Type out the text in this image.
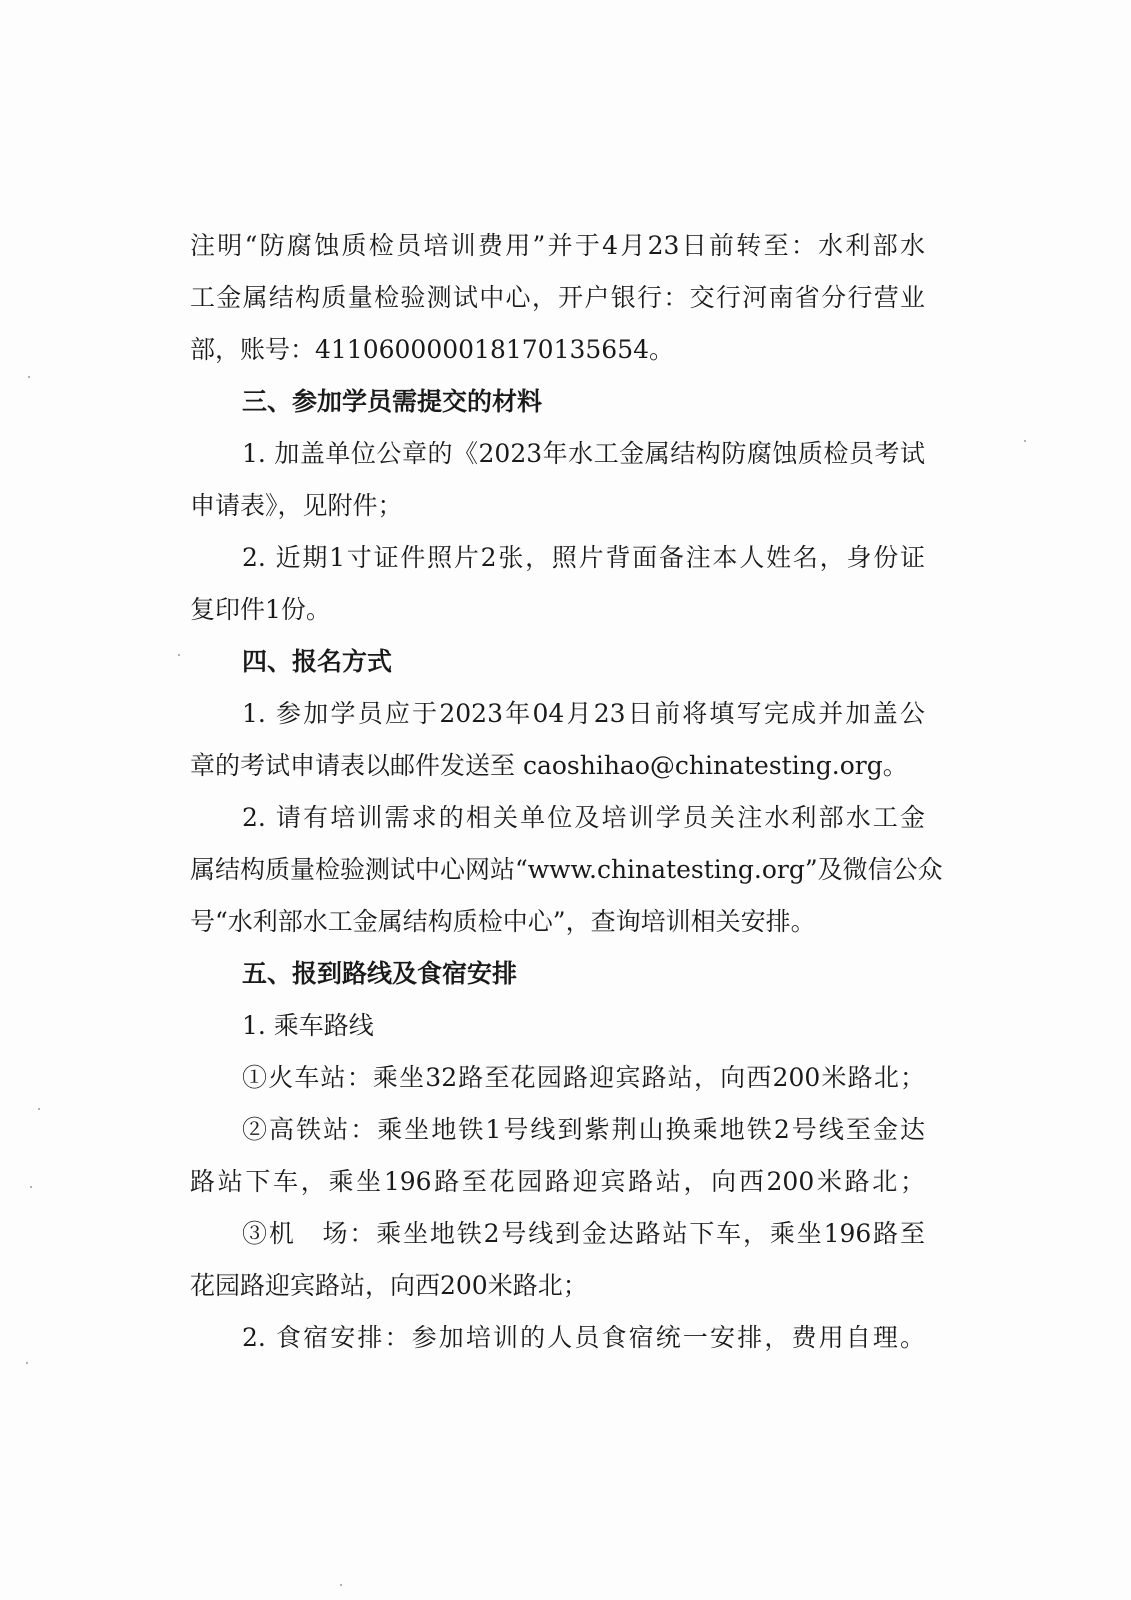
注明“防腐蚀质检员培训费用”并于4月23日前转至：水利部水
工金属结构质量检验测试中心，开户银行：交行河南省分行营业
部，账号：411060000018170135654。
三、参加学员需提交的材料
1. 加盖单位公章的《2023年水工金属结构防腐蚀质检员考试
申请表》，见附件；
2. 近期1寸证件照片2张，照片背面备注本人姓名，身份证
复印件1份。
四、报名方式
1. 参加学员应于2023年04月23日前将填写完成并加盖公
章的考试申请表以邮件发送至 caoshihao@chinatesting.org。
2. 请有培训需求的相关单位及培训学员关注水利部水工金
属结构质量检验测试中心网站“www.chinatesting.org”及微信公众
号“水利部水工金属结构质检中心”，查询培训相关安排。
五、报到路线及食宿安排
1. 乘车路线
①火车站：乘坐32路至花园路迎宾路站，向西200米路北；
②高铁站：乘坐地铁1号线到紫荆山换乘地铁2号线至金达
路站下车，乘坐196路至花园路迎宾路站，向西200米路北；
③机　场：乘坐地铁2号线到金达路站下车，乘坐196路至
花园路迎宾路站，向西200米路北；
2. 食宿安排：参加培训的人员食宿统一安排，费用自理。
